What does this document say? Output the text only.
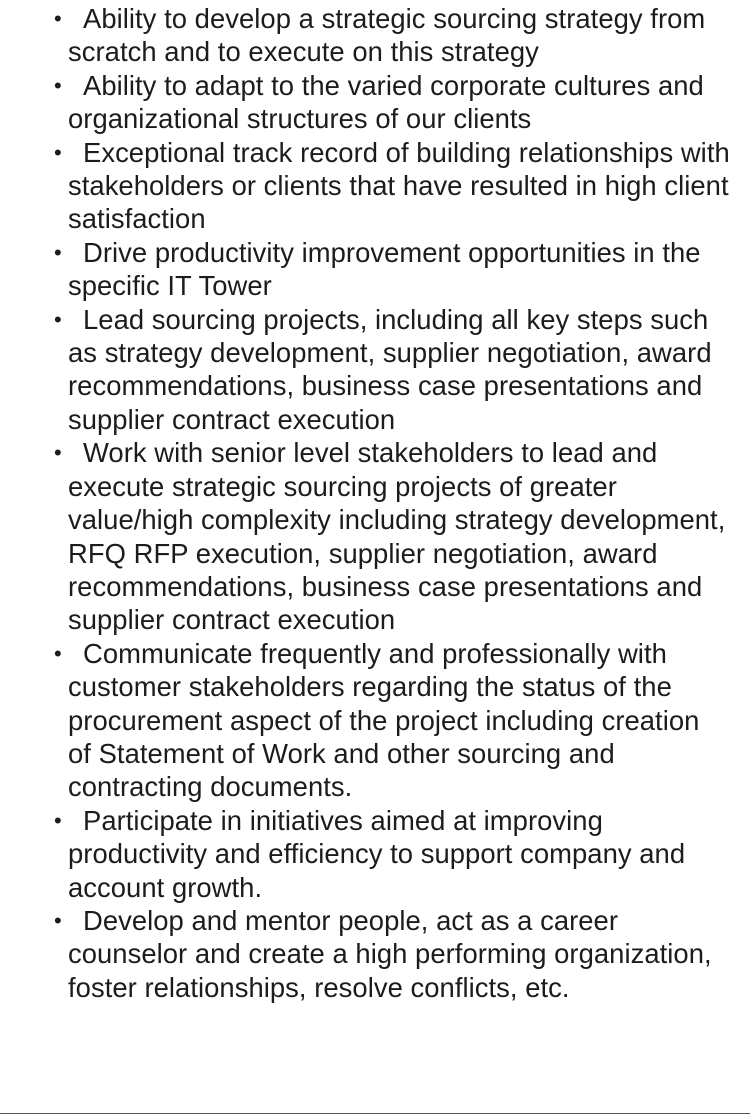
• Ability to develop a strategic sourcing strategy from scratch and to execute on this strategy
• Ability to adapt to the varied corporate cultures and organizational structures of our clients
• Exceptional track record of building relationships with stakeholders or clients that have resulted in high client satisfaction
• Drive productivity improvement opportunities in the specific IT Tower
• Lead sourcing projects, including all key steps such as strategy development, supplier negotiation, award recommendations, business case presentations and supplier contract execution
• Work with senior level stakeholders to lead and execute strategic sourcing projects of greater value/high complexity including strategy development, RFQ RFP execution, supplier negotiation, award recommendations, business case presentations and supplier contract execution
• Communicate frequently and professionally with customer stakeholders regarding the status of the procurement aspect of the project including creation of Statement of Work and other sourcing and contracting documents.
• Participate in initiatives aimed at improving productivity and efficiency to support company and account growth.
• Develop and mentor people, act as a career counselor and create a high performing organization, foster relationships, resolve conflicts, etc.
